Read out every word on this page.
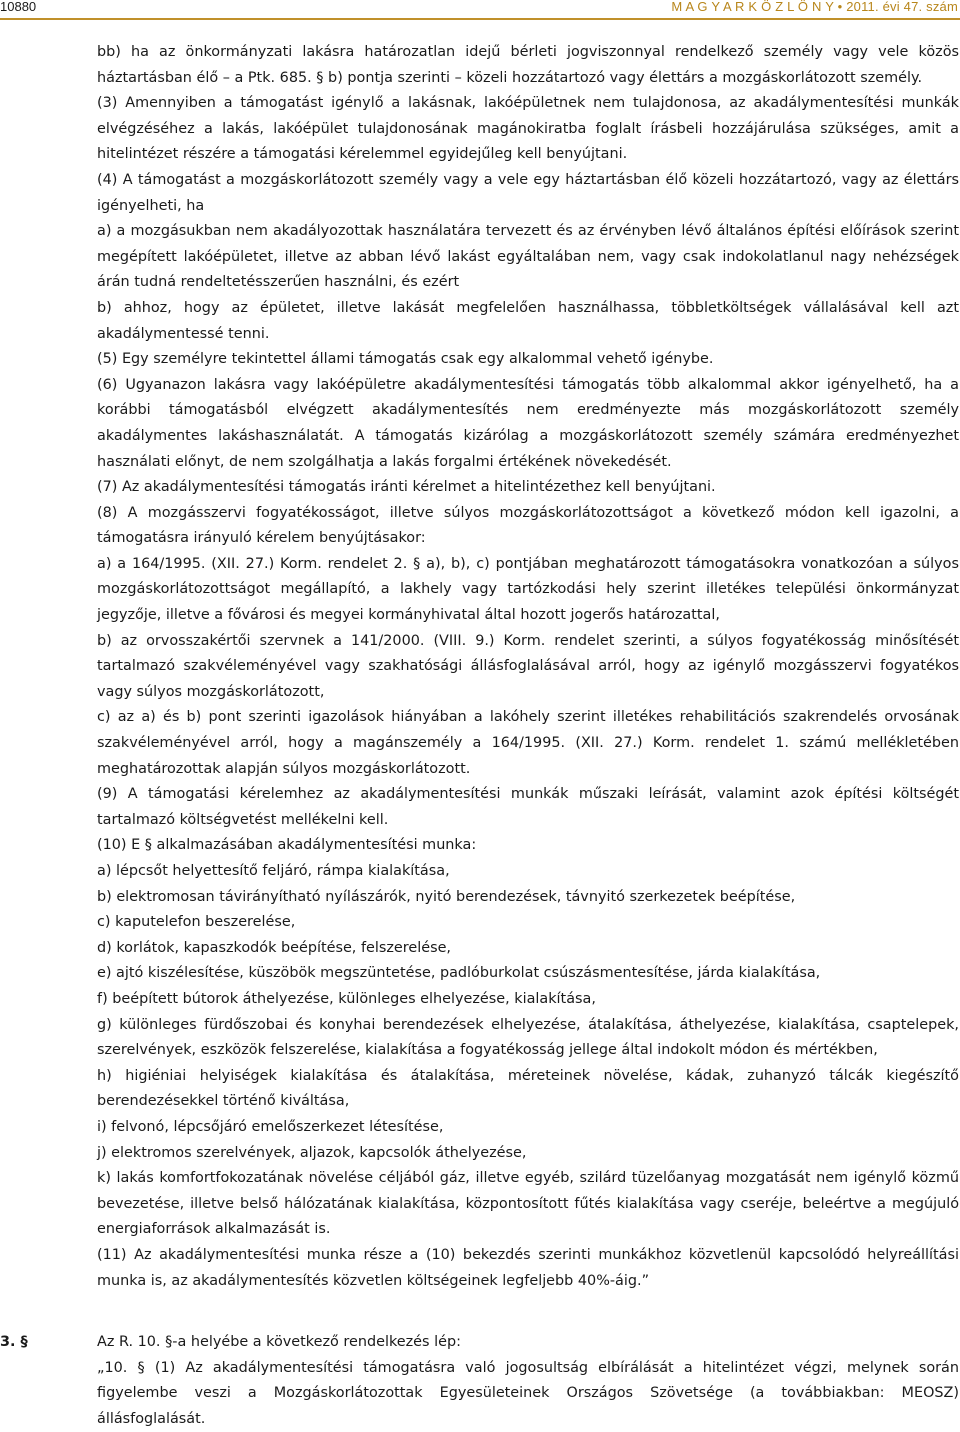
10880	M A G Y A R K Ö Z L Ö N Y • 2011. évi 47. szám

bb) ha az önkormányzati lakásra határozatlan idejű bérleti jogviszonnyal rendelkező személy vagy vele közös háztartásban élő – a Ptk. 685. § b) pontja szerinti – közeli hozzátartozó vagy élettárs a mozgáskorlátozott személy.

(3) Amennyiben a támogatást igénylő a lakásnak, lakóépületnek nem tulajdonosa, az akadálymentesítési munkák elvégzéséhez a lakás, lakóépület tulajdonosának magánokiratba foglalt írásbeli hozzájárulása szükséges, amit a hitelintézet részére a támogatási kérelemmel egyidejűleg kell benyújtani.

(4) A támogatást a mozgáskorlátozott személy vagy a vele egy háztartásban élő közeli hozzátartozó, vagy az élettárs igényelheti, ha

a) a mozgásukban nem akadályozottak használatára tervezett és az érvényben lévő általános építési előírások szerint megépített lakóépületet, illetve az abban lévő lakást egyáltalában nem, vagy csak indokolatlanul nagy nehézségek árán tudná rendeltetésszerűen használni, és ezért

b) ahhoz, hogy az épületet, illetve lakását megfelelően használhassa, többletköltségek vállalásával kell azt akadálymentessé tenni.

(5) Egy személyre tekintettel állami támogatás csak egy alkalommal vehető igénybe.

(6) Ugyanazon lakásra vagy lakóépületre akadálymentesítési támogatás több alkalommal akkor igényelhető, ha a korábbi támogatásból elvégzett akadálymentesítés nem eredményezte más mozgáskorlátozott személy akadálymentes lakáshasználatát. A támogatás kizárólag a mozgáskorlátozott személy számára eredményezhet használati előnyt, de nem szolgálhatja a lakás forgalmi értékének növekedését.

(7) Az akadálymentesítési támogatás iránti kérelmet a hitelintézethez kell benyújtani.

(8) A mozgásszervi fogyatékosságot, illetve súlyos mozgáskorlátozottságot a következő módon kell igazolni, a támogatásra irányuló kérelem benyújtásakor:

a) a 164/1995. (XII. 27.) Korm. rendelet 2. § a), b), c) pontjában meghatározott támogatásokra vonatkozóan a súlyos mozgáskorlátozottságot megállapító, a lakhely vagy tartózkodási hely szerint illetékes települési önkormányzat jegyzője, illetve a fővárosi és megyei kormányhivatal által hozott jogerős határozattal,

b) az orvosszakértői szervnek a 141/2000. (VIII. 9.) Korm. rendelet szerinti, a súlyos fogyatékosság minősítését tartalmazó szakvéleményével vagy szakhatósági állásfoglalásával arról, hogy az igénylő mozgásszervi fogyatékos vagy súlyos mozgáskorlátozott,

c) az a) és b) pont szerinti igazolások hiányában a lakóhely szerint illetékes rehabilitációs szakrendelés orvosának szakvéleményével arról, hogy a magánszemély a 164/1995. (XII. 27.) Korm. rendelet 1. számú mellékletében meghatározottak alapján súlyos mozgáskorlátozott.

(9) A támogatási kérelemhez az akadálymentesítési munkák műszaki leírását, valamint azok építési költségét tartalmazó költségvetést mellékelni kell.

(10) E § alkalmazásában akadálymentesítési munka:

a) lépcsőt helyettesítő feljáró, rámpa kialakítása,

b) elektromosan távirányítható nyílászárók, nyitó berendezések, távnyitó szerkezetek beépítése,

c) kaputelefon beszerelése,

d) korlátok, kapaszkodók beépítése, felszerelése,

e) ajtó kiszélesítése, küszöbök megszüntetése, padlóburkolat csúszásmentesítése, járda kialakítása,

f) beépített bútorok áthelyezése, különleges elhelyezése, kialakítása,

g) különleges fürdőszobai és konyhai berendezések elhelyezése, átalakítása, áthelyezése, kialakítása, csaptelepek, szerelvények, eszközök felszerelése, kialakítása a fogyatékosság jellege által indokolt módon és mértékben,

h) higiéniai helyiségek kialakítása és átalakítása, méreteinek növelése, kádak, zuhanyzó tálcák kiegészítő berendezésekkel történő kiváltása,

i) felvonó, lépcsőjáró emelőszerkezet létesítése,

j) elektromos szerelvények, aljazok, kapcsolók áthelyezése,

k) lakás komfortfokozatának növelése céljából gáz, illetve egyéb, szilárd tüzelőanyag mozgatását nem igénylő közmű bevezetése, illetve belső hálózatának kialakítása, központosított fűtés kialakítása vagy cseréje, beleértve a megújuló energiaforrások alkalmazását is.

(11) Az akadálymentesítési munka része a (10) bekezdés szerinti munkákhoz közvetlenül kapcsolódó helyreállítási munka is, az akadálymentesítés közvetlen költségeinek legfeljebb 40%-áig.”

3. §	Az R. 10. §-a helyébe a következő rendelkezés lép:

„10. § (1) Az akadálymentesítési támogatásra való jogosultság elbírálását a hitelintézet végzi, melynek során figyelembe veszi a Mozgáskorlátozottak Egyesületeinek Országos Szövetsége (a továbbiakban: MEOSZ) állásfoglalását.
